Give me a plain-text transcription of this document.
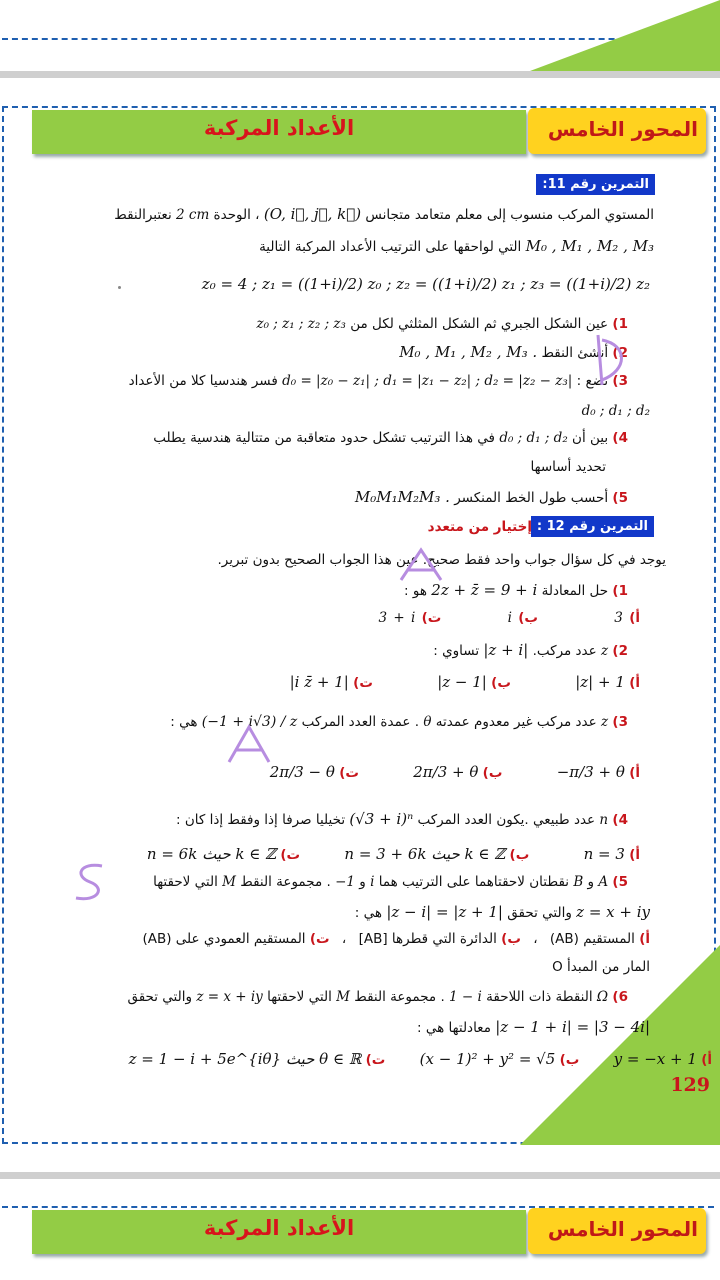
الأعداد المركبة	المحور الخامس
التمرين رقم 11:
المستوي المركب منسوب إلى معلم متعامد متجانس (O, i⃗, j⃗, k⃗) ، الوحدة 2 cm نعتبرالنقط
M₀ , M₁ , M₂ , M₃ التي لواحقها على الترتيب الأعداد المركبة التالية
z₀ = 4 ; z₁ = ((1+i)/2) z₀ ; z₂ = ((1+i)/2) z₁ ; z₃ = ((1+i)/2) z₂
1) عين الشكل الجبري ثم الشكل المثلثي لكل من z₀ ; z₁ ; z₂ ; z₃
2) أنشئ النقط M₀ , M₁ , M₂ , M₃ .
3) نضع : d₀ = |z₀ − z₁| ; d₁ = |z₁ − z₂| ; d₂ = |z₂ − z₃| فسر هندسيا كلا من الأعداد
d₀ ; d₁ ; d₂
4) بين أن d₀ ; d₁ ; d₂ في هذا الترتيب تشكل حدود متعاقبة من متتالية هندسية يطلب
تحديد أساسها
5) أحسب طول الخط المنكسر M₀M₁M₂M₃ .
التمرين رقم 12 :
إختيار من متعدد
يوجد في كل سؤال جواب واحد فقط صحيح. عين هذا الجواب الصحيح بدون تبرير.
1) حل المعادلة 2z + z̄ = 9 + i هو :
أ) 3 ب) i ت) 3 + i
2) z عدد مركب. |z + i| تساوي :
أ) |z| + 1 ب) |z − 1| ت) |i z̄ + 1|
3) z عدد مركب غير معدوم عمدته θ . عمدة العدد المركب (−1 + i√3) / z هي :
أ) −π/3 + θ ب) 2π/3 + θ ت) 2π/3 − θ
4) n عدد طبيعي .يكون العدد المركب (√3 + i)ⁿ تخيليا صرفا إذا وفقط إذا كان :
أ) n = 3 ب) n = 3 + 6k حيث k ∈ ℤ ت) n = 6k حيث k ∈ ℤ
5) A و B نقطتان لاحقتاهما على الترتيب هما i و −1 . مجموعة النقط M التي لاحقتها
z = x + iy والتي تحقق |z − i| = |z + 1| هي :
أ) المستقيم (AB) ، ب) الدائرة التي قطرها [AB] ، ت) المستقيم العمودي على (AB)
المار من المبدأ O
6) Ω النقطة ذات اللاحقة 1 − i . مجموعة النقط M التي لاحقتها z = x + iy والتي تحقق
|z − 1 + i| = |3 − 4i| معادلتها هي :
أ) y = −x + 1 ب) (x − 1)² + y² = √5 ت) z = 1 − i + 5e^{iθ} حيث θ ∈ ℝ
129
الأعداد المركبة	المحور الخامس
